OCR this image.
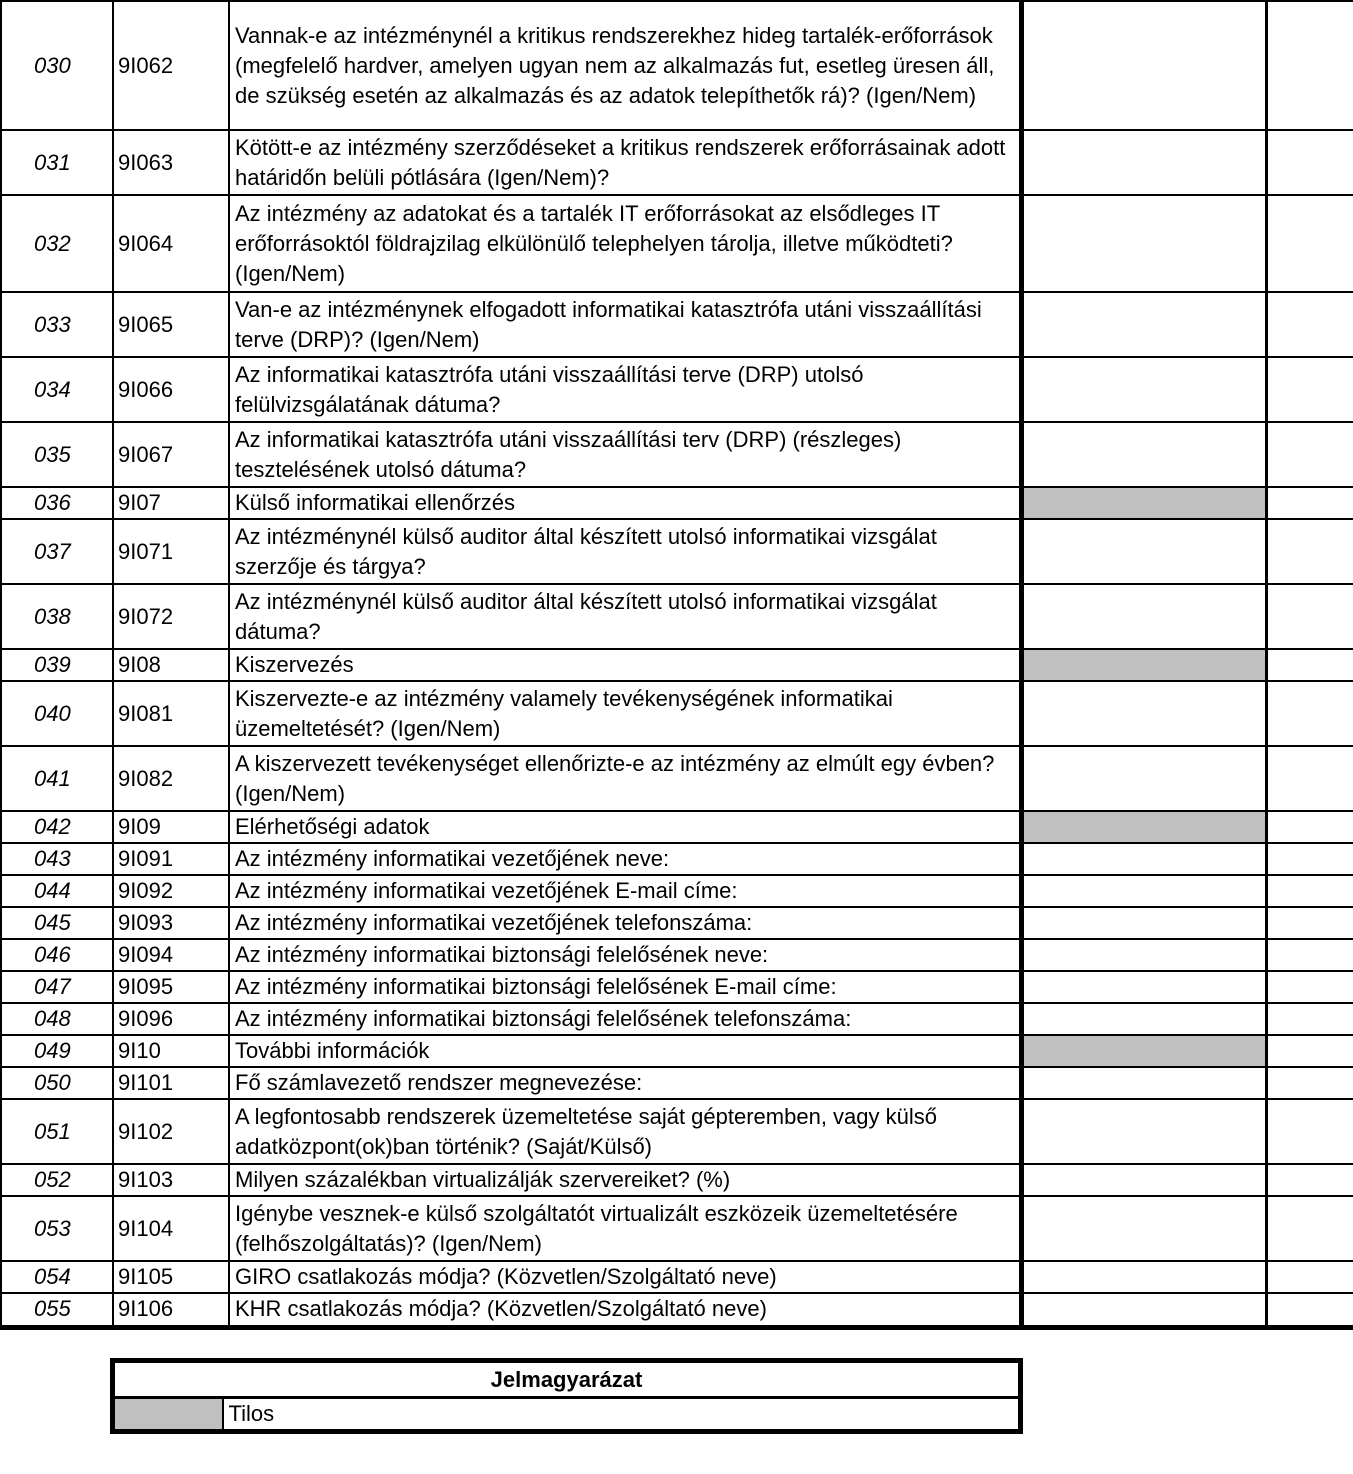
030	9I062	Vannak-e az intézménynél a kritikus rendszerekhez hideg tartalék-erőforrások (megfelelő hardver, amelyen ugyan nem az alkalmazás fut, esetleg üresen áll, de szükség esetén az alkalmazás és az adatok telepíthetők rá)? (Igen/Nem)		
031	9I063	Kötött-e az intézmény szerződéseket a kritikus rendszerek erőforrásainak adott határidőn belüli pótlására (Igen/Nem)?		
032	9I064	Az intézmény az adatokat és a tartalék IT erőforrásokat az elsődleges IT erőforrásoktól földrajzilag elkülönülő telephelyen tárolja, illetve működteti? (Igen/Nem)		
033	9I065	Van-e az intézménynek elfogadott informatikai katasztrófa utáni visszaállítási terve (DRP)? (Igen/Nem)		
034	9I066	Az informatikai katasztrófa utáni visszaállítási terve (DRP) utolsó felülvizsgálatának dátuma?		
035	9I067	Az informatikai katasztrófa utáni visszaállítási terv (DRP) (részleges) tesztelésének utolsó dátuma?		
036	9I07	Külső informatikai ellenőrzés		
037	9I071	Az intézménynél külső auditor által készített utolsó informatikai vizsgálat szerzője és tárgya?		
038	9I072	Az intézménynél külső auditor által készített utolsó informatikai vizsgálat dátuma?		
039	9I08	Kiszervezés		
040	9I081	Kiszervezte-e az intézmény valamely tevékenységének informatikai üzemeltetését? (Igen/Nem)		
041	9I082	A kiszervezett tevékenységet ellenőrizte-e az intézmény az elmúlt egy évben? (Igen/Nem)		
042	9I09	Elérhetőségi adatok		
043	9I091	Az intézmény informatikai vezetőjének neve:		
044	9I092	Az intézmény informatikai vezetőjének E-mail címe:		
045	9I093	Az intézmény informatikai vezetőjének telefonszáma:		
046	9I094	Az intézmény informatikai biztonsági felelősének neve:		
047	9I095	Az intézmény informatikai biztonsági felelősének E-mail címe:		
048	9I096	Az intézmény informatikai biztonsági felelősének telefonszáma:		
049	9I10	További információk		
050	9I101	Fő számlavezető rendszer megnevezése:		
051	9I102	A legfontosabb rendszerek üzemeltetése saját gépteremben, vagy külső adatközpont(ok)ban történik? (Saját/Külső)		
052	9I103	Milyen százalékban virtualizálják szervereiket? (%)		
053	9I104	Igénybe vesznek-e külső szolgáltatót virtualizált eszközeik üzemeltetésére (felhőszolgáltatás)? (Igen/Nem)		
054	9I105	GIRO csatlakozás módja? (Közvetlen/Szolgáltató neve)		
055	9I106	KHR csatlakozás módja? (Közvetlen/Szolgáltató neve)		
Jelmagyarázat
	Tilos
